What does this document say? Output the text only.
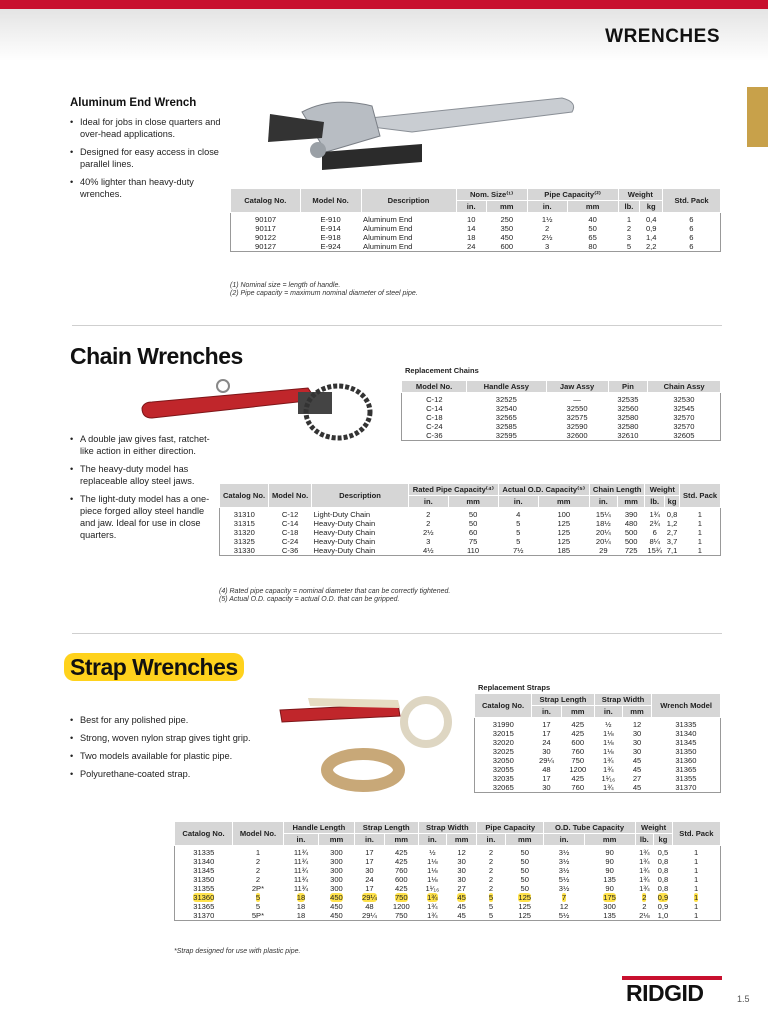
WRENCHES
Aluminum End Wrench
• Ideal for jobs in close quarters and over-head applications.
• Designed for easy access in close parallel lines.
• 40% lighter than heavy-duty wrenches.
Catalog No.	Model No.	Description	Nom. Size⁽¹⁾		Pipe Capacity⁽²⁾		Weight		Std. Pack
			in.	mm	in.	mm	lb.	kg	
90107	E-910	Aluminum End	10	250	1½	40	1	0,4	6
90117	E-914	Aluminum End	14	350	2	50	2	0,9	6
90122	E-918	Aluminum End	18	450	2½	65	3	1,4	6
90127	E-924	Aluminum End	24	600	3	80	5	2,2	6
(1) Nominal size = length of handle.
(2) Pipe capacity = maximum nominal diameter of steel pipe.
Chain Wrenches
• A double jaw gives fast, ratchet-like action in either direction.
• The heavy-duty model has replaceable alloy steel jaws.
• The light-duty model has a one-piece forged alloy steel handle and jaw. Ideal for use in close quarters.
Replacement Chains
Model No.	Handle Assy	Jaw Assy	Pin	Chain Assy
C-12	32525	—	32535	32530
C-14	32540	32550	32560	32545
C-18	32565	32575	32580	32570
C-24	32585	32590	32580	32570
C-36	32595	32600	32610	32605
Catalog No.	Model No.	Description	Rated Pipe Capacity⁽⁴⁾		Actual O.D. Capacity⁽⁵⁾		Chain Length		Weight		Std. Pack
			in.	mm	in.	mm	in.	mm	lb.	kg	
31310	C-12	Light-Duty Chain	2	50	4	100	15¼	390	1¾	0,8	1
31315	C-14	Heavy-Duty Chain	2	50	5	125	18½	480	2¾	1,2	1
31320	C-18	Heavy-Duty Chain	2½	60	5	125	20¼	500	6	2,7	1
31325	C-24	Heavy-Duty Chain	3	75	5	125	20¼	500	8¼	3,7	1
31330	C-36	Heavy-Duty Chain	4½	110	7½	185	29	725	15¾	7,1	1
(4) Rated pipe capacity = nominal diameter that can be correctly tightened.
(5) Actual O.D. capacity = actual O.D. that can be gripped.
Strap Wrenches
• Best for any polished pipe.
• Strong, woven nylon strap gives tight grip.
• Two models available for plastic pipe.
• Polyurethane-coated strap.
Replacement Straps
Catalog No.	Strap Length		Strap Width		Wrench Model
	in.	mm	in.	mm	
31990	17	425	½	12	31335
32015	17	425	1⅛	30	31340
32020	24	600	1⅛	30	31345
32025	30	760	1⅛	30	31350
32050	29¼	750	1¾	45	31360
32055	48	1200	1¾	45	31365
32035	17	425	1¹⁄₁₆	27	31355
32065	30	760	1¾	45	31370
Catalog No.	Model No.	Handle Length		Strap Length		Strap Width		Pipe Capacity		O.D. Tube Capacity		Weight		Std. Pack
		in.	mm	in.	mm	in.	mm	in.	mm	in.	mm	lb.	kg	
31335	1	11¾	300	17	425	½	12	2	50	3½	90	1¾	0,5	1
31340	2	11¾	300	17	425	1⅛	30	2	50	3½	90	1¾	0,8	1
31345	2	11¾	300	30	760	1⅛	30	2	50	3½	90	1¾	0,8	1
31350	2	11¾	300	24	600	1⅛	30	2	50	5½	135	1¾	0,8	1
31355	2P*	11¾	300	17	425	1¹⁄₁₆	27	2	50	3½	90	1¾	0,8	1
31360	5	18	450	29¼	750	1¾	45	5	125	7	175	2	0,9	1
31365	5	18	450	48	1200	1¾	45	5	125	12	300	2	0,9	1
31370	5P*	18	450	29¼	750	1¾	45	5	125	5½	135	2⅛	1,0	1
*Strap designed for use with plastic pipe.
RIDGID	1.5
